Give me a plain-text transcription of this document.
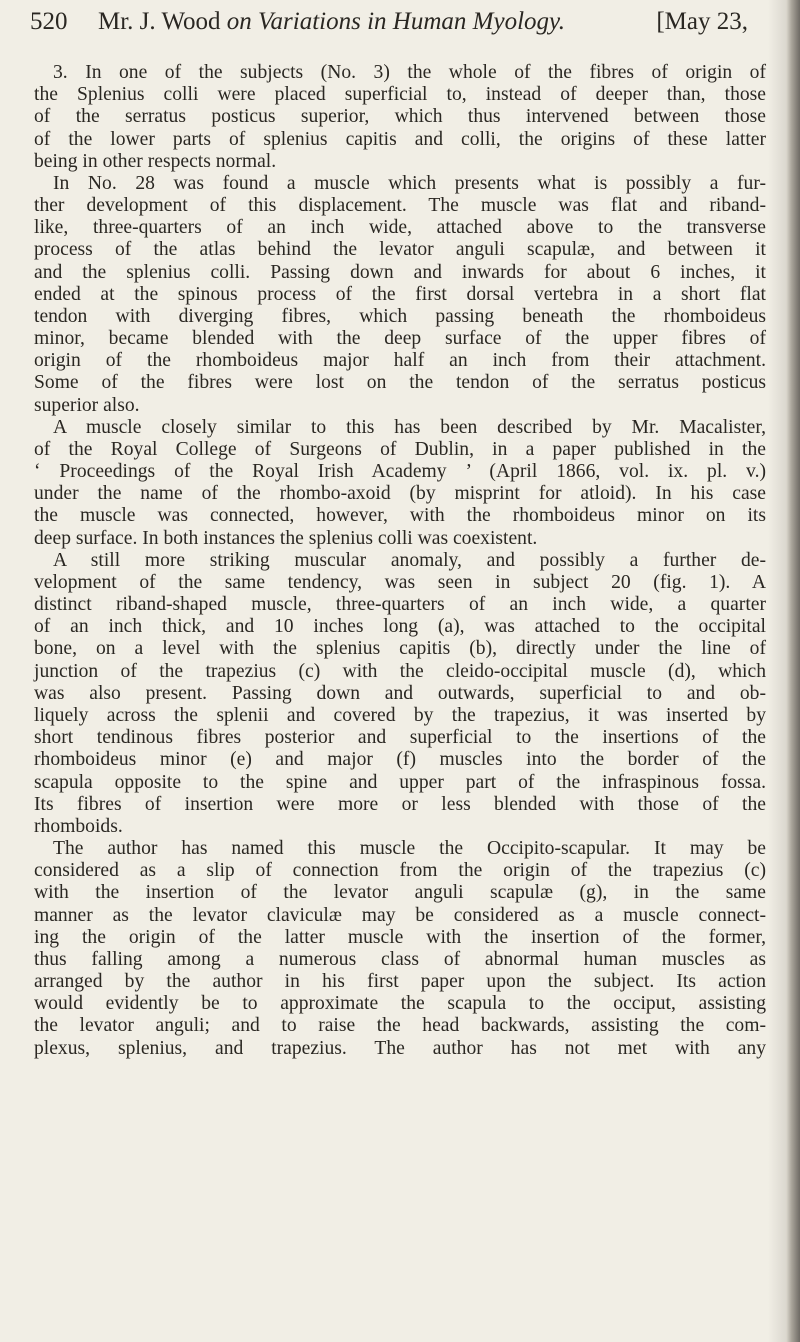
520 Mr. J. Wood on Variations in Human Myology.	[May 23,
3. In one of the subjects (No. 3) the whole of the fibres of origin of
the Splenius colli were placed superficial to, instead of deeper than, those
of the serratus posticus superior, which thus intervened between those
of the lower parts of splenius capitis and colli, the origins of these latter
being in other respects normal.
In No. 28 was found a muscle which presents what is possibly a fur-
ther development of this displacement. The muscle was flat and riband-
like, three-quarters of an inch wide, attached above to the transverse
process of the atlas behind the levator anguli scapulæ, and between it
and the splenius colli. Passing down and inwards for about 6 inches, it
ended at the spinous process of the first dorsal vertebra in a short flat
tendon with diverging fibres, which passing beneath the rhomboideus
minor, became blended with the deep surface of the upper fibres of
origin of the rhomboideus major half an inch from their attachment.
Some of the fibres were lost on the tendon of the serratus posticus
superior also.
A muscle closely similar to this has been described by Mr. Macalister,
of the Royal College of Surgeons of Dublin, in a paper published in the
‘ Proceedings of the Royal Irish Academy ’ (April 1866, vol. ix. pl. v.)
under the name of the rhombo-axoid (by misprint for atloid). In his case
the muscle was connected, however, with the rhomboideus minor on its
deep surface. In both instances the splenius colli was coexistent.
A still more striking muscular anomaly, and possibly a further de-
velopment of the same tendency, was seen in subject 20 (fig. 1). A
distinct riband-shaped muscle, three-quarters of an inch wide, a quarter
of an inch thick, and 10 inches long (a), was attached to the occipital
bone, on a level with the splenius capitis (b), directly under the line of
junction of the trapezius (c) with the cleido-occipital muscle (d), which
was also present. Passing down and outwards, superficial to and ob-
liquely across the splenii and covered by the trapezius, it was inserted by
short tendinous fibres posterior and superficial to the insertions of the
rhomboideus minor (e) and major (f) muscles into the border of the
scapula opposite to the spine and upper part of the infraspinous fossa.
Its fibres of insertion were more or less blended with those of the
rhomboids.
The author has named this muscle the Occipito-scapular. It may be
considered as a slip of connection from the origin of the trapezius (c)
with the insertion of the levator anguli scapulæ (g), in the same
manner as the levator claviculæ may be considered as a muscle connect-
ing the origin of the latter muscle with the insertion of the former,
thus falling among a numerous class of abnormal human muscles as
arranged by the author in his first paper upon the subject. Its action
would evidently be to approximate the scapula to the occiput, assisting
the levator anguli; and to raise the head backwards, assisting the com-
plexus, splenius, and trapezius. The author has not met with any
